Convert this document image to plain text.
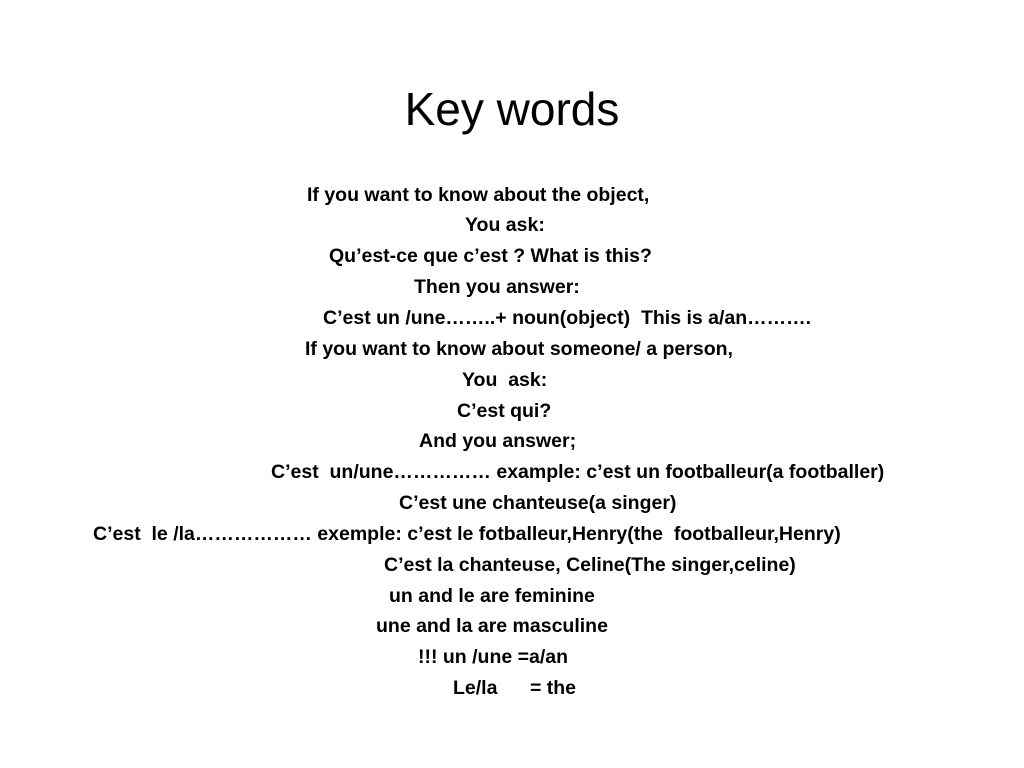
Key words

If you want to know about the object,

You ask:

Qu’est-ce que c’est ? What is this?

Then you answer:

C’est un /une……..+ noun(object)  This is a/an……….

If you want to know about someone/ a person,

You  ask:

C’est qui?

And you answer;

C’est  un/une…………… example: c’est un footballeur(a footballer)

C’est une chanteuse(a singer)

C’est  le /la……………… exemple: c’est le fotballeur,Henry(the  footballeur,Henry)

C’est la chanteuse, Celine(The singer,celine)

un and le are feminine

une and la are masculine

!!! un /une =a/an

Le/la      = the
